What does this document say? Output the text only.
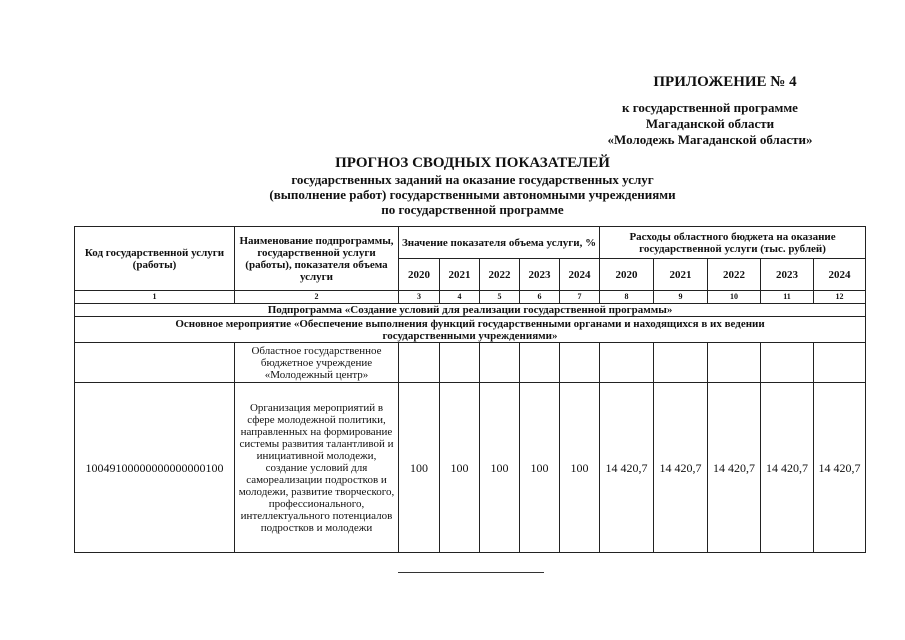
ПРИЛОЖЕНИЕ № 4
к государственной программе
Магаданской области
«Молодежь Магаданской области»
ПРОГНОЗ СВОДНЫХ ПОКАЗАТЕЛЕЙ
государственных заданий на оказание государственных услуг
(выполнение работ) государственными автономными учреждениями
по государственной программе
Код государственной услуги (работы)	Наименование подпрограммы, государственной услуги (работы), показателя объема услуги	Значение показателя объема услуги, %					Расходы областного бюджета на оказание государственной услуги (тыс. рублей)				
		2020	2021	2022	2023	2024	2020	2021	2022	2023	2024
1	2	3	4	5	6	7	8	9	10	11	12
Подпрограмма «Создание условий для реализации государственной программы»											
Основное мероприятие «Обеспечение выполнения функций государственными органами и находящихся в их ведении государственными учреждениями»											
	Областное государственное бюджетное учреждение «Молодежный центр»										
10049100000000000000100	Организация мероприятий в сфере молодежной политики, направленных на формирование системы развития талантливой и инициативной молодежи, создание условий для самореализации подростков и молодежи, развитие творческого, профессионального, интеллектуального потенциалов подростков и молодежи	100	100	100	100	100	14 420,7	14 420,7	14 420,7	14 420,7	14 420,7
